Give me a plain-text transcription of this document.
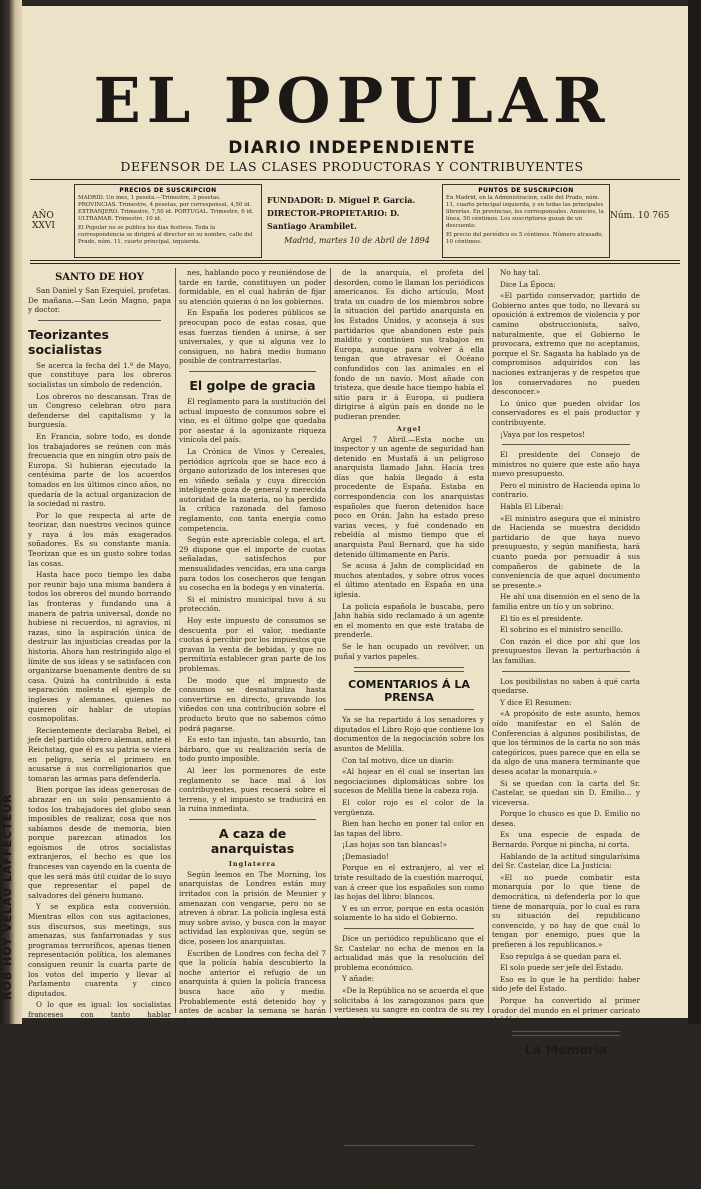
ROB HOY VELAU LAFFECTEUR
EL POPULAR
DIARIO INDEPENDIENTE
DEFENSOR DE LAS CLASES PRODUCTORAS Y CONTRIBUYENTES
AÑO XXVI
PRECIOS DE SUSCRIPCION
MADRID. Un mes, 1 peseta.—Trimestre, 3 pesetas. PROVINCIAS. Trimestre, 4 pesetas, por corresponsal, 4,50 id. EXTRANJERO. Trimestre, 7,50 id. PORTUGAL. Trimestre, 6 id. ULTRAMAR. Trimestre, 10 id.
El Popular no se publica los dias festivos. Toda la correspondencia se dirigirá al director en su nombre, calle del Prado, núm. 11, cuarto principal, izquierda.
FUNDADOR: D. Miguel P. Garcia.
DIRECTOR-PROPIETARIO: D. Santiago Arambilet.
Madrid, martes 10 de Abril de 1894
PUNTOS DE SUSCRIPCION
En Madrid, en la Administracion, calle del Prado, núm. 11, cuarto principal izquierda, y en todas las principales librerías. En provincias, los corresponsales. Anuncios, la línea, 50 céntimos. Los suscriptores gozan de un descuento.
El precio del periódico es 5 céntimos. Número atrasado, 10 céntimos.
Núm. 10 765
SANTO DE HOY

San Daniel y San Ezequiel, profetas. De mañana.—San León Magno, papa y doctor.

Teorizantes socialistas

Se acerca la fecha del 1.º de Mayo, que constituye para los obreros socialistas un símbolo de redención.

Los obreros no descansan. Tras de un Congreso celebran otro para defenderse del capitalismo y la burguesía.

En Francia, sobre todo, es donde los trabajadores se reúnen con más frecuencia que en ningún otro país de Europa. Si hubieran ejecutado la centésima parte de los acuerdos tomados en los últimos cinco años, no quedaría de la actual organizacion de la sociedad ni rastro.

Por lo que respecta al arte de teorizar, dan nuestros vecinos quince y raya á los más exagerados soñadores. Es su constante manía. Teorizan que es un gusto sobre todas las cosas.

Hasta hace poco tiempo les daba por reunir bajo una misma bandera á todos los obreros del mundo borrando las fronteras y fundando una á manera de patria universal, donde no hubiese ni recuerdos, ni agravios, ni razas, sino la aspiración única de destruir las injusticias creadas por la historia. Ahora han restringido algo el límite de sus ideas y se satisfacen con organizarse buenamente dentro de su casa. Quizá ha contribuido á esta separación molesta el ejemplo de ingleses y alemanes, quienes no quieren oír hablar de utopías cosmopolitas.

Recientemente declaraba Bebel, el jefe del partido obrero aleman, ante el Reichstag, que él es su patria se viera en peligro, sería el primero en acusarse á sus correligionarios que tomaran las armas para defenderla.

Bien porque las ideas generosas de abrazar en un solo pensamiento á todos los trabajadores del globo sean imposibles de realizar, cosa que nos sabíamos desde de memoria, bien porque parezcan atinados los egoísmos de otros socialistas extranjeros, el hecho es que los franceses van cayendo en la cuenta de que les será más útil cuidar de lo suyo que representar el papel de salvadores del género humano.

Y se explica esta conversión. Mientras ellos con sus agitaciones, sus discursos, sus meetings, sus amenazas, sus fanfarronadas y sus programas terroríficos, apenas tienen representación política, los alemanes consiguen reunir la cuarta parte de los votos del imperio y llevar al Parlamento cuarenta y cinco diputados.

O lo que es igual: los socialistas franceses con tanto hablar constituyen fuerzas disgregadas, y los socialistas alemanes,

nes, hablando poco y reuniéndose de tarde en tarde, constituyen un poder formidable, en el cual habrán de fijar su atención quieras ó no los gobiernos.

En España los poderes públicos se preocupan poco de estas cosas, que esas fuerzas tienden á unirse, á ser universales, y que si alguna vez lo consiguen, no habrá medio humano posible de contrarrestarlas.

El golpe de gracia

El reglamento para la sustitución del actual impuesto de consumos sobre el vino, es el último golpe que quedaba por asestar á la agonizante riqueza vinícola del país.

La Crónica de Vinos y Cereales, periódico agrícola que se hace eco á órgano autorizado de los intereses que en viñedo señala y cuya dirección inteligente goza de general y merecida autoridad de la materia, no ha perdido la crítica razonada del famoso reglamento, con tanta energía como competencia.

Según este apreciable colega, el art. 29 dispone que el importe de cuotas señaladas, satisfechos por mensualidades vencidas, era una carga para todos los cosecheros que tengan su cosecha en la bodega y en vinatería.

Si el ministro municipal tuvo á su protección.

Hoy este impuesto de consumos se descuenta por el valor, mediante cuotas á percibir por los impuestos que gravan la venta de bebidas, y que no permitiría establecer gran parte de los problemas.

De modo que el impuesto de consumos se desnaturaliza hasta convertirse en directo, gravando los viñedos con una contribución sobre el producto bruto que no sabemos cómo podrá pagarse.

Es esto tan injusto, tan absurdo, tan bárbaro, que su realización sería de todo punto imposible.

Al leer los pormenores de este reglamento se hace mal á los contribuyentes, pues recaerá sobre el terreno, y el impuesto se traducirá en la ruina inmediata.

A caza de anarquistas
Inglaterra

Según leemos en The Morning, los anarquistas de Londres están muy irritados con la prisión de Meunier y amenazan con vengarse, pero no se atreven á obrar. La policía inglesa está muy sobre aviso, y busca con la mayor actividad las explosivas que, según se dice, poseen los anarquistas.

Escriben de Londres con fecha del 7 que la policía había descubierto la noche anterior el refugio de un anarquista á quien la policía francesa busca hace año y medio. Probablemente está detenido hoy y antes de acabar la semana se harán otras prisiones.

Según ha dicho un agente muy conocido, la policía conoce los sitios donde se reúnen todos los anarquistas extranjeros, y el gobierno tiene los datos suficientes para entregar un detalle á los tribunales.

Estados Unidos

Por lo que leemos en los periódicos de Nueva York, los anarquistas se encuentran muy desanimados en América, donde no cuentan con más de cuatro ó cinco, sin la adhesión del Most, apóstol de los descendientes, el sumo sacerdote

de la anarquía, el profeta del desorden, como le llaman los periódicos americanos. Es dicho artículo, Most trata un cuadro de los miembros sobre la situación del partido anarquista en los Estados Unidos, y aconseja á sus partidarios que abandonen este país maldito y continúen sus trabajos en Europa, aunque para volver á ella tengan que atravesar el Océano confundidos con las animales en el fondo de un navío. Most añade con tristeza, que desde hace tiempo había el sitio para ir á Europa, si pudiera dirigirse á algún país en donde no le pudieran prender.

Argel

Argel 7 Abril.—Esta noche un inspector y un agente de seguridad han detenido en Mustafá á un peligroso anarquista llamado Jahn. Hacía tres días que había llegado á esta procedente de España. Estaba en correspondencia con los anarquistas españoles que fueron detenidos hace poco en Orán. Jahn ha estado preso varias veces, y fué condenado en rebeldía al mismo tiempo que el anarquista Paul Bernard, que ha sido detenido últimamente en París.

Se acusa á Jahn de complicidad en muchos atentados, y sobre otros voces el último atentado en España en una iglesia.

La policía española le buscaba, pero Jahn había sido reclamado á un agente en el momento en que este trataba de prenderle.

Se le han ocupado un revólver, un puñal y varios papeles.

COMENTARIOS Á LA PRENSA

Ya se ha repartido á los senadores y diputados el Libro Rojo que contiene los documentos de la negociación sobre los asuntos de Melilla.

Con tal motivo, dice un diario:

«Al hojear en él cual se insertan las negociaciones diplomáticas sobre los sucesos de Melilla tiene la cabeza roja.

El color rojo es el color de la vergüenza.

Bien han hecho en poner tal color en las tapas del libro.

¡Las hojas son tan blancas!»

¡Demasiado!

Porque en el extranjero, al ver el triste resultado de la cuestión marroquí, van á creer que los españoles son como las hojas del libro: blancos.

Y es un error, porque en esta ocasión solamente lo ha sido el Gobierno.

Dice un periódico republicano que el Sr. Castelar no echa de menos en la actualidad más que la resolución del problema económico.

Y añade:

«De la República no se acuerda el que solicitaba á los zaragozanos para que vertiesen su sangre en contra de su rey desacertado.

Y otro demócrata dice que nadie se ha pedido á Víctor Hugo! Hugo empezó siendo cantor cortesano, pero acabó en el glorioso.

Castelar es un Víctor Hugo... al revés.»

Entendido.

Castelar tiene la cabeza donde Víctor Hugo tenía el...

Hace tiempo que lo venían sospechando los gentes.

Algunos cándidos creen que el partido conservador está dispuesto á derrotar al Gobierno en la cuestión de los tratados de comercio.

No hay tal.

Dice La Época:

«El partido conservador, partido de Gobierno antes que todo, no llevará su oposición á extremos de violencia y por camino obstruccionista, salvo, naturalmente, que el Gobierno le provocara, extremo que no aceptamos, porque el Sr. Sagasta ha hablado ya de compromisos adquiridos con las naciones extranjeras y de respetos que los conservadores no pueden desconocer.»

Lo único que pueden olvidar los conservadores es el país productor y contribuyente.

¡Vaya por los respetos!

El presidente del Consejo de ministros no quiere que este año haya nuevo presupuesto.

Pero el ministro de Hacienda opina lo contrario.

Habla El Liberal:

«El ministro asegura que el ministro de Hacienda se muestra decidido partidario de que haya nuevo presupuesto, y según manifiesta, hará cuanto pueda por persuadir á sus compañeros de gabinete de la conveniencia de que aquel documento se presente.»

He ahí una disensión en el seno de la familia entre un tío y un sobrino.

El tío es el presidente.

El sobrino es el ministro sencillo.

Con razón el dice por ahí que los presupuestos llevan la perturbación á las familias.

Los posibilistas no saben á qué carta quedarse.

Y dice El Resumen:

«A propósito de este asunto, hemos oído manifestar en el Salón de Conferencias á algunos posibilistas, de que los términos de la carta no son más categóricos, pues parece que en ella se da algo de una manera terminante que desea acatar la monarquía.»

Si se quedan con la carta del Sr. Castelar, se quedan sin D. Emilio... y viceversa.

Porque lo chusco es que D. Emilio no desea.

Es una especie de espada de Bernardo. Porque ni pincha, ni corta.

Hablando de la actitud singularísima del Sr. Castelar, dice La Justicia:

«El no puede combatir esta monarquía por lo que tiene de democrática, ni defenderla por lo que tiene de monarquía, por lo cual es rara su situación del republicano convencido, y no hay de que cuál lo tengan por enemigo, pues que la prefieren á los republicanos.»

Eso repulga á se quedan para el.

El solo puede ser jefe del Estado.

Eso es lo que le ha perdido: haber sido jefe del Estado.

Porque ha convertido al primer orador del mundo en el primer caricato del Universo.

La Memoria
DEL EMBAJADOR EXTRAORDINARIO

Entre los documentos que comprende el Libro encarnado, repartido ayer en las Cámaras, y referentes á las negociaciones diplomáticas seguidas con motivo de los sucesos de Melilla, figura
